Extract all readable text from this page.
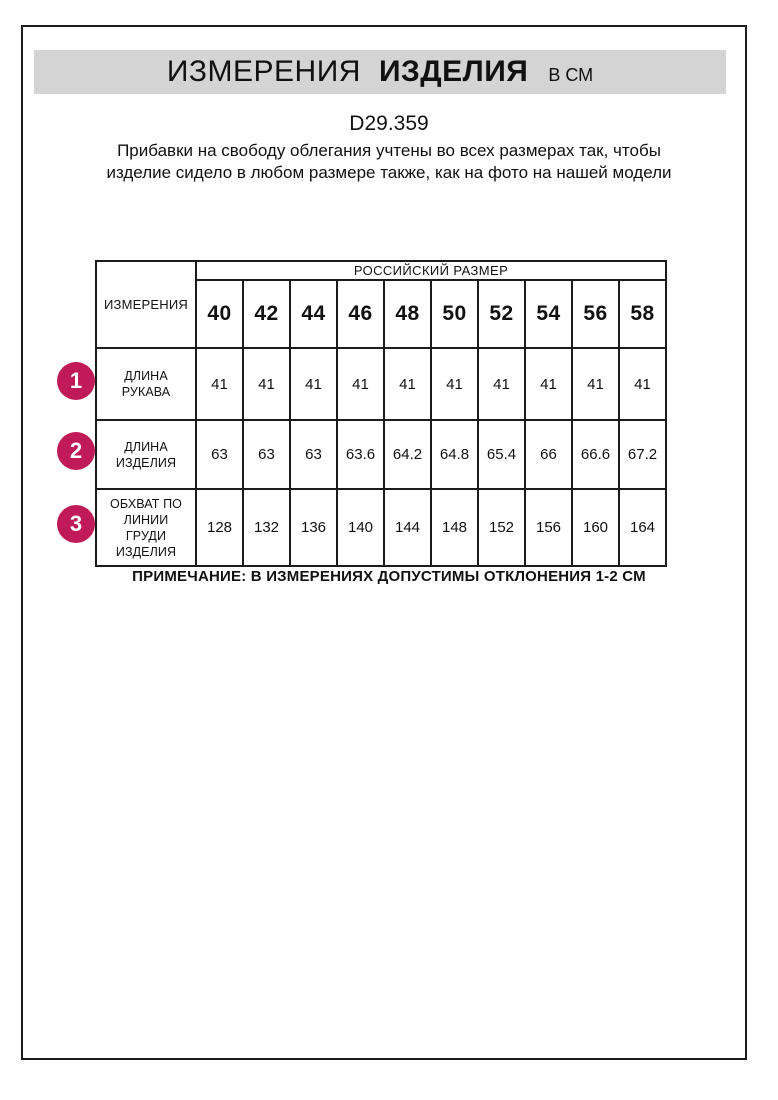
ИЗМЕРЕНИЯ ИЗДЕЛИЯ В СМ
D29.359
Прибавки на свободу облегания учтены во всех размерах так, чтобы изделие сидело в любом размере также, как на фото на нашей модели
ИЗМЕРЕНИЯ	РОССИЙСКИЙ РАЗМЕР									
	40	42	44	46	48	50	52	54	56	58
ДЛИНА РУКАВА	41	41	41	41	41	41	41	41	41	41
ДЛИНА ИЗДЕЛИЯ	63	63	63	63.6	64.2	64.8	65.4	66	66.6	67.2
ОБХВАТ ПО ЛИНИИ ГРУДИ ИЗДЕЛИЯ	128	132	136	140	144	148	152	156	160	164
1
2
3
ПРИМЕЧАНИЕ: В ИЗМЕРЕНИЯХ ДОПУСТИМЫ ОТКЛОНЕНИЯ 1-2 СМ
